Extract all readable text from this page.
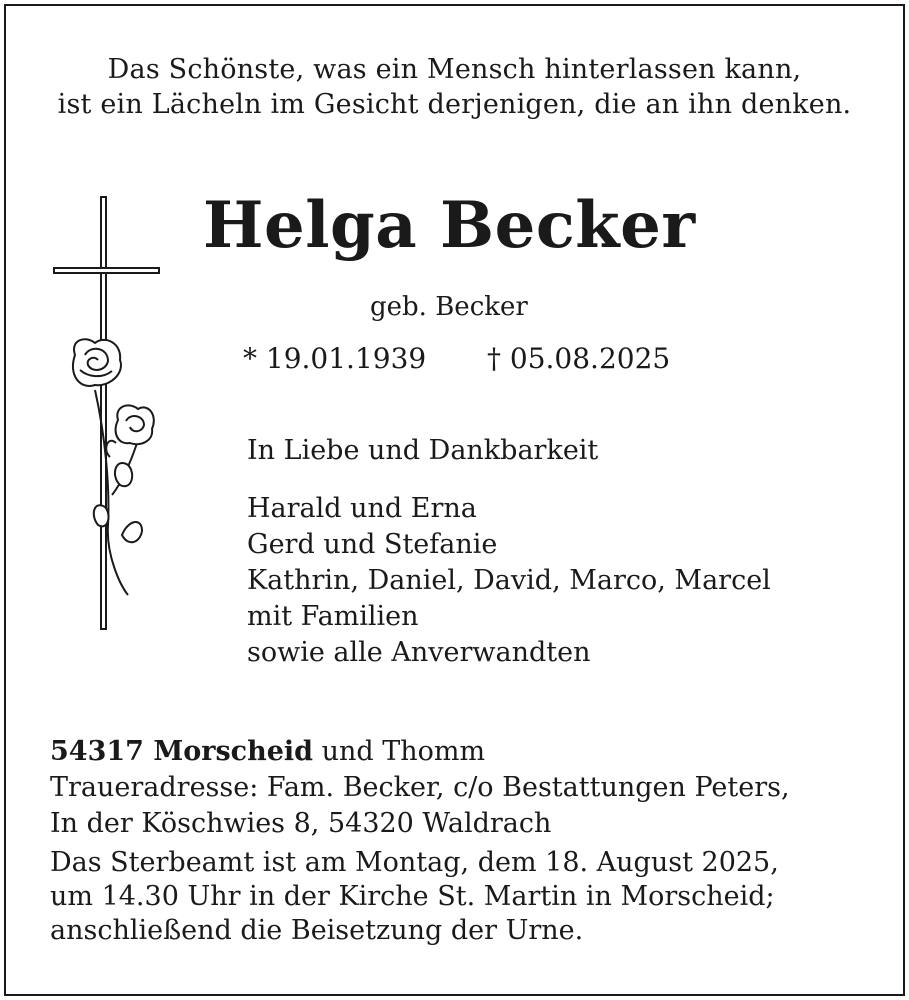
Das Schönste, was ein Mensch hinterlassen kann,
ist ein Lächeln im Gesicht derjenigen, die an ihn denken.
Helga Becker
geb. Becker
* 19.01.1939 † 05.08.2025
In Liebe und Dankbarkeit
Harald und Erna
Gerd und Stefanie
Kathrin, Daniel, David, Marco, Marcel
mit Familien
sowie alle Anverwandten
54317 Morscheid und Thomm
Traueradresse: Fam. Becker, c/o Bestattungen Peters,
In der Köschwies 8, 54320 Waldrach
Das Sterbeamt ist am Montag, dem 18. August 2025,
um 14.30 Uhr in der Kirche St. Martin in Morscheid;
anschließend die Beisetzung der Urne.
